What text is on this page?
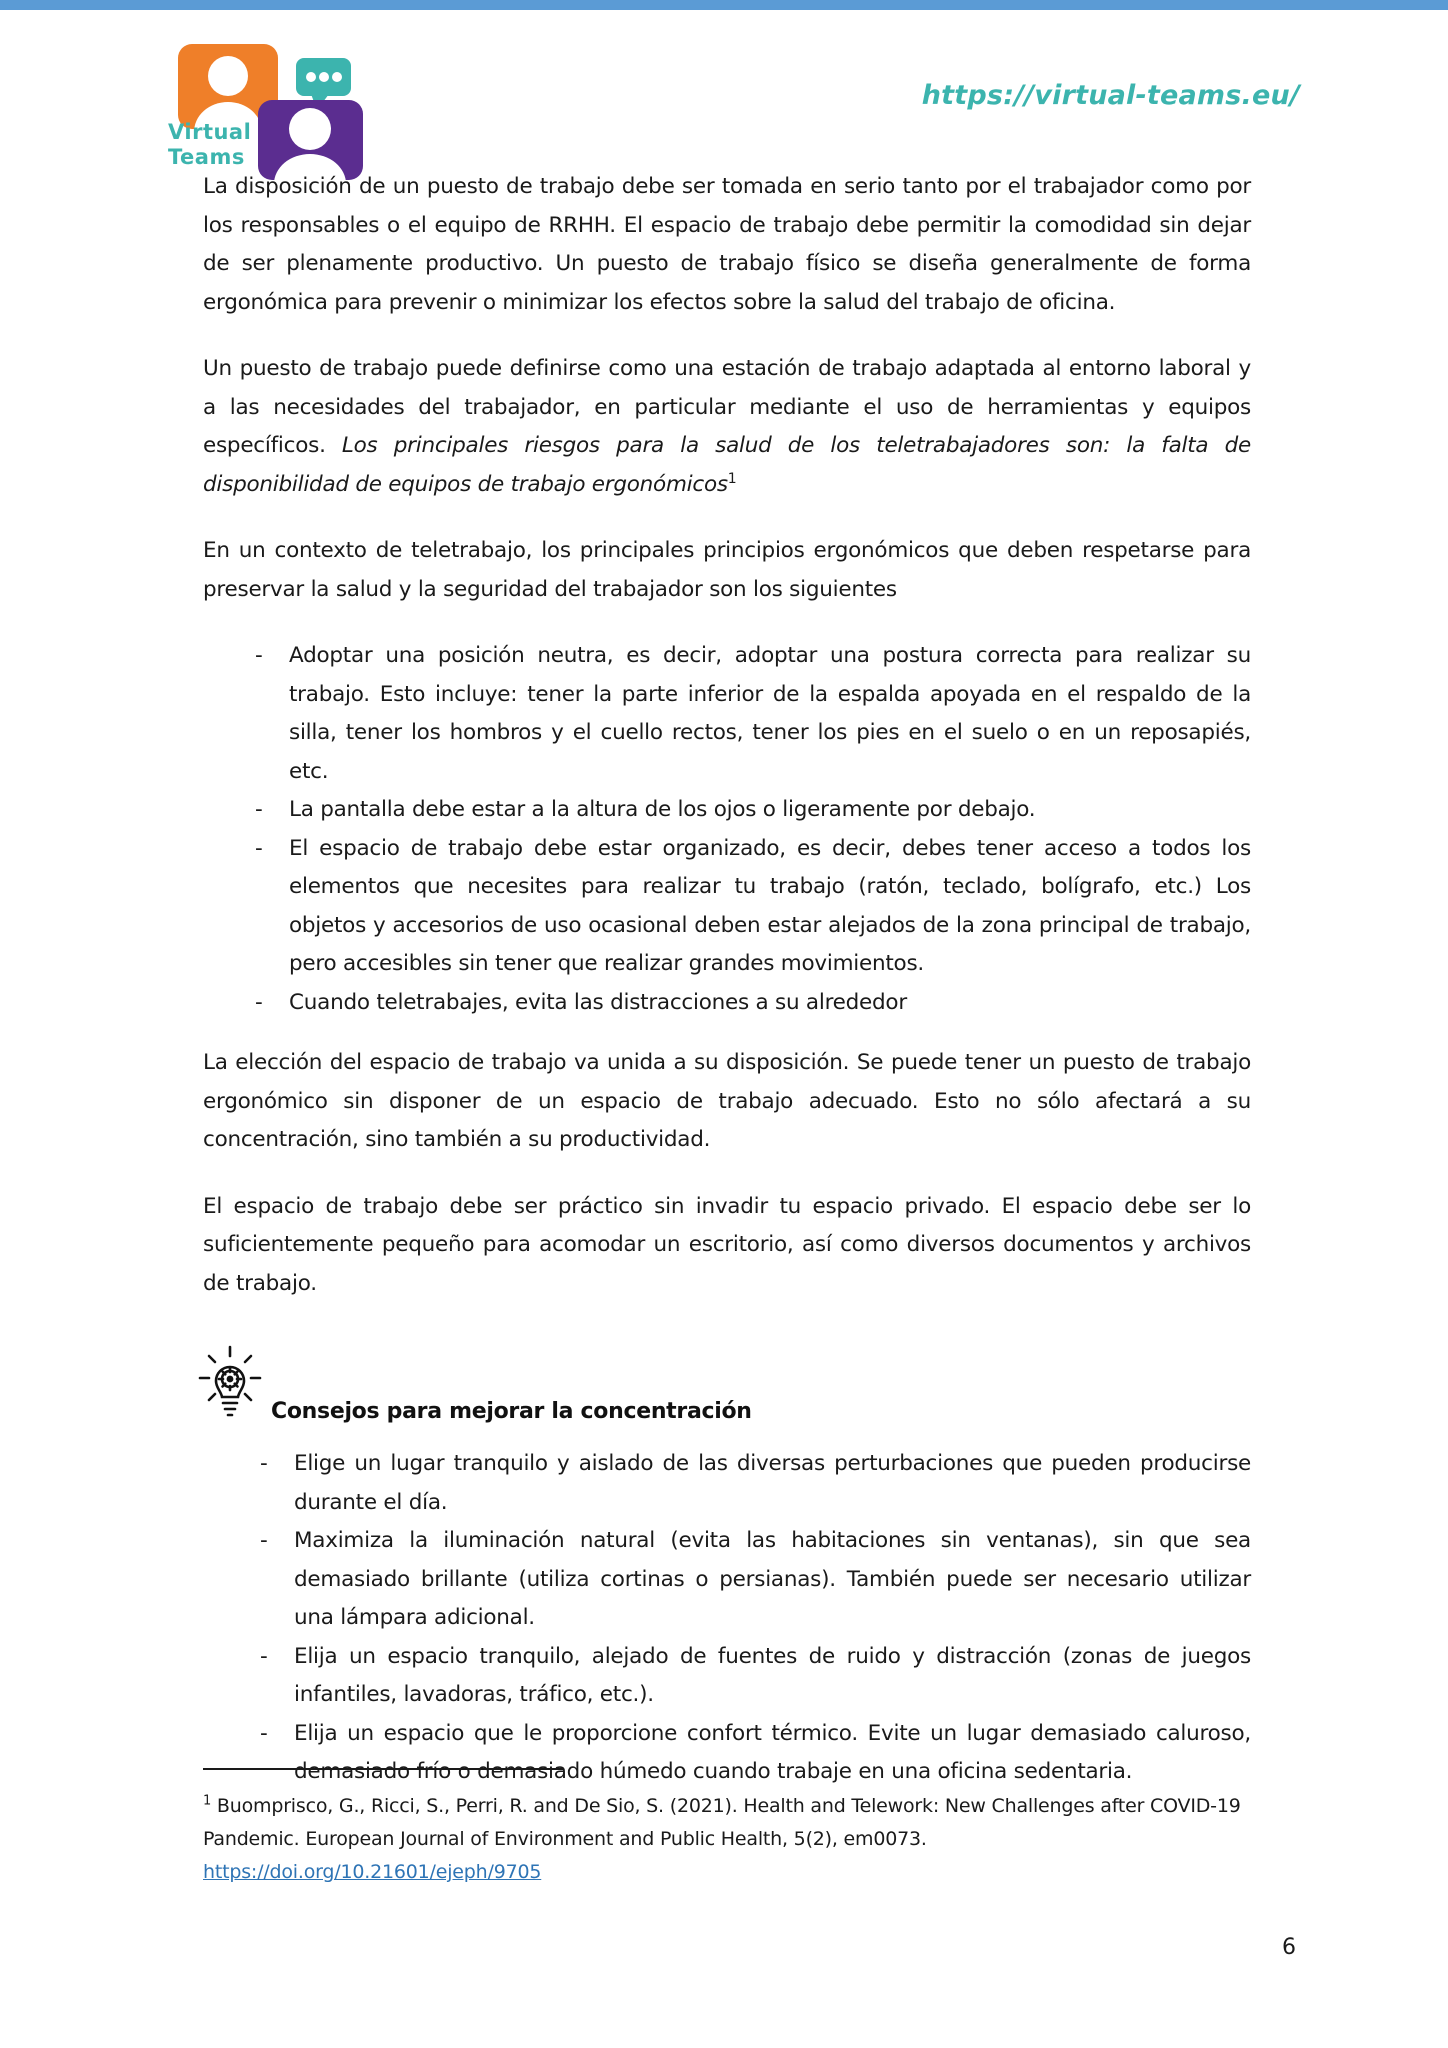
Virtual
Teams
https://virtual-teams.eu/

La disposición de un puesto de trabajo debe ser tomada en serio tanto por el trabajador como por los responsables o el equipo de RRHH. El espacio de trabajo debe permitir la comodidad sin dejar de ser plenamente productivo. Un puesto de trabajo físico se diseña generalmente de forma ergonómica para prevenir o minimizar los efectos sobre la salud del trabajo de oficina.

Un puesto de trabajo puede definirse como una estación de trabajo adaptada al entorno laboral y a las necesidades del trabajador, en particular mediante el uso de herramientas y equipos específicos. Los principales riesgos para la salud de los teletrabajadores son: la falta de disponibilidad de equipos de trabajo ergonómicos$^1$

En un contexto de teletrabajo, los principales principios ergonómicos que deben respetarse para preservar la salud y la seguridad del trabajador son los siguientes

- Adoptar una posición neutra, es decir, adoptar una postura correcta para realizar su trabajo. Esto incluye: tener la parte inferior de la espalda apoyada en el respaldo de la silla, tener los hombros y el cuello rectos, tener los pies en el suelo o en un reposapiés, etc.
- La pantalla debe estar a la altura de los ojos o ligeramente por debajo.
- El espacio de trabajo debe estar organizado, es decir, debes tener acceso a todos los elementos que necesites para realizar tu trabajo (ratón, teclado, bolígrafo, etc.) Los objetos y accesorios de uso ocasional deben estar alejados de la zona principal de trabajo, pero accesibles sin tener que realizar grandes movimientos.
- Cuando teletrabajes, evita las distracciones a su alrededor

La elección del espacio de trabajo va unida a su disposición. Se puede tener un puesto de trabajo ergonómico sin disponer de un espacio de trabajo adecuado. Esto no sólo afectará a su concentración, sino también a su productividad.

El espacio de trabajo debe ser práctico sin invadir tu espacio privado. El espacio debe ser lo suficientemente pequeño para acomodar un escritorio, así como diversos documentos y archivos de trabajo.

Consejos para mejorar la concentración
- Elige un lugar tranquilo y aislado de las diversas perturbaciones que pueden producirse durante el día.
- Maximiza la iluminación natural (evita las habitaciones sin ventanas), sin que sea demasiado brillante (utiliza cortinas o persianas). También puede ser necesario utilizar una lámpara adicional.
- Elija un espacio tranquilo, alejado de fuentes de ruido y distracción (zonas de juegos infantiles, lavadoras, tráfico, etc.).
- Elija un espacio que le proporcione confort térmico. Evite un lugar demasiado caluroso, demasiado frío o demasiado húmedo cuando trabaje en una oficina sedentaria.
$^1$ Buomprisco, G., Ricci, S., Perri, R. and De Sio, S. (2021). Health and Telework: New Challenges after COVID-19 Pandemic. European Journal of Environment and Public Health, 5(2), em0073.
https://doi.org/10.21601/ejeph/9705
6
